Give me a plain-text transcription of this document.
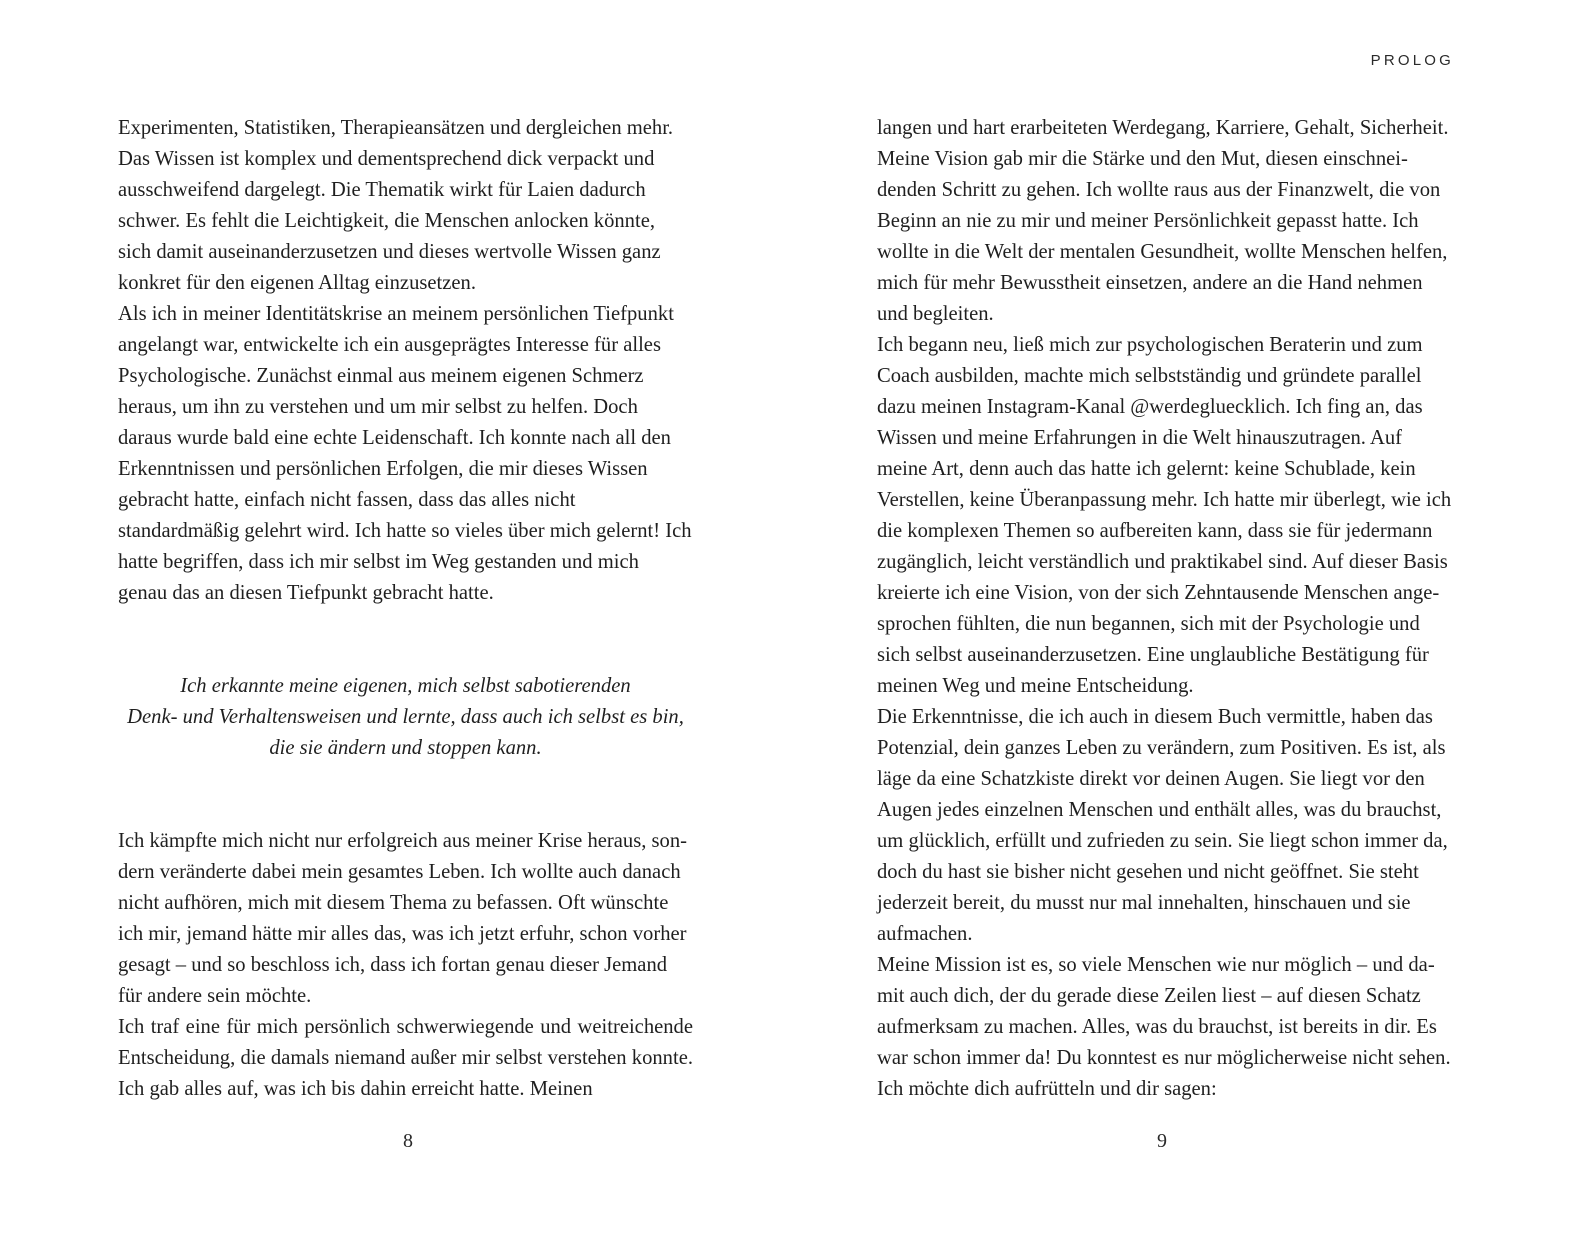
Experimenten, Statistiken, Therapieansätzen und dergleichen mehr. Das Wissen ist komplex und dementsprechend dick verpackt und ausschweifend dargelegt. Die Thematik wirkt für Laien dadurch schwer. Es fehlt die Leichtigkeit, die Menschen anlocken könnte, sich damit auseinanderzusetzen und dieses wertvolle Wissen ganz konkret für den eigenen Alltag einzusetzen.

Als ich in meiner Identitätskrise an meinem persönlichen Tiefpunkt angelangt war, entwickelte ich ein ausgeprägtes Interesse für alles Psychologische. Zunächst einmal aus meinem eigenen Schmerz heraus, um ihn zu verstehen und um mir selbst zu helfen. Doch daraus wurde bald eine echte Leidenschaft. Ich konnte nach all den Erkenntnissen und persönlichen Erfolgen, die mir dieses Wissen gebracht hatte, einfach nicht fassen, dass das alles nicht standardmäßig gelehrt wird. Ich hatte so vieles über mich gelernt! Ich hatte begriffen, dass ich mir selbst im Weg gestanden und mich genau das an diesen Tiefpunkt gebracht hatte.

Ich erkannte meine eigenen, mich selbst sabotierenden
Denk- und Verhaltensweisen und lernte, dass auch ich selbst es bin,
die sie ändern und stoppen kann.

Ich kämpfte mich nicht nur erfolgreich aus meiner Krise heraus, sondern veränderte dabei mein gesamtes Leben. Ich wollte auch danach nicht aufhören, mich mit diesem Thema zu befassen. Oft wünschte ich mir, jemand hätte mir alles das, was ich jetzt erfuhr, schon vorher gesagt – und so beschloss ich, dass ich fortan genau dieser Jemand für andere sein möchte.

Ich traf eine für mich persönlich schwerwiegende und weitreichende Entscheidung, die damals niemand außer mir selbst verstehen konnte. Ich gab alles auf, was ich bis dahin erreicht hatte. Meinen

8
PROLOG

langen und hart erarbeiteten Werdegang, Karriere, Gehalt, Sicherheit. Meine Vision gab mir die Stärke und den Mut, diesen einschneidenden Schritt zu gehen. Ich wollte raus aus der Finanzwelt, die von Beginn an nie zu mir und meiner Persönlichkeit gepasst hatte. Ich wollte in die Welt der mentalen Gesundheit, wollte Menschen helfen, mich für mehr Bewusstheit einsetzen, andere an die Hand nehmen und begleiten.

Ich begann neu, ließ mich zur psychologischen Beraterin und zum Coach ausbilden, machte mich selbstständig und gründete parallel dazu meinen Instagram-Kanal @werdegluecklich. Ich fing an, das Wissen und meine Erfahrungen in die Welt hinauszutragen. Auf meine Art, denn auch das hatte ich gelernt: keine Schublade, kein Verstellen, keine Überanpassung mehr. Ich hatte mir überlegt, wie ich die komplexen Themen so aufbereiten kann, dass sie für jedermann zugänglich, leicht verständlich und praktikabel sind. Auf dieser Basis kreierte ich eine Vision, von der sich Zehntausende Menschen angesprochen fühlten, die nun begannen, sich mit der Psychologie und sich selbst auseinanderzusetzen. Eine unglaubliche Bestätigung für meinen Weg und meine Entscheidung.

Die Erkenntnisse, die ich auch in diesem Buch vermittle, haben das Potenzial, dein ganzes Leben zu verändern, zum Positiven. Es ist, als läge da eine Schatzkiste direkt vor deinen Augen. Sie liegt vor den Augen jedes einzelnen Menschen und enthält alles, was du brauchst, um glücklich, erfüllt und zufrieden zu sein. Sie liegt schon immer da, doch du hast sie bisher nicht gesehen und nicht geöffnet. Sie steht jederzeit bereit, du musst nur mal innehalten, hinschauen und sie aufmachen.

Meine Mission ist es, so viele Menschen wie nur möglich – und damit auch dich, der du gerade diese Zeilen liest – auf diesen Schatz aufmerksam zu machen. Alles, was du brauchst, ist bereits in dir. Es war schon immer da! Du konntest es nur möglicherweise nicht sehen. Ich möchte dich aufrütteln und dir sagen:

9
